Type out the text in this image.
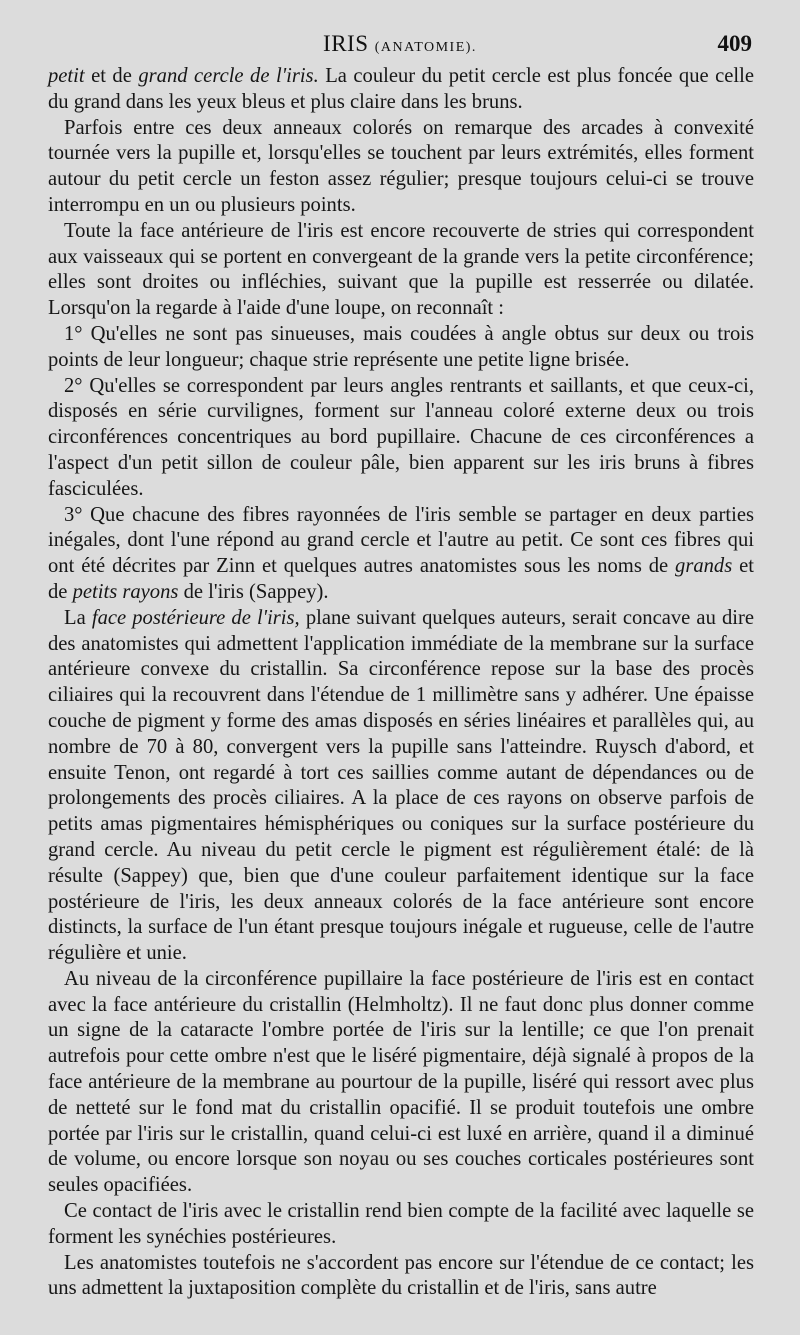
IRIS (ANATOMIE).	409

petit et de grand cercle de l'iris. La couleur du petit cercle est plus foncée que celle du grand dans les yeux bleus et plus claire dans les bruns.

Parfois entre ces deux anneaux colorés on remarque des arcades à convexité tournée vers la pupille et, lorsqu'elles se touchent par leurs extrémités, elles forment autour du petit cercle un feston assez régulier; presque toujours celui-ci se trouve interrompu en un ou plusieurs points.

Toute la face antérieure de l'iris est encore recouverte de stries qui correspondent aux vaisseaux qui se portent en convergeant de la grande vers la petite circonférence; elles sont droites ou infléchies, suivant que la pupille est resserrée ou dilatée. Lorsqu'on la regarde à l'aide d'une loupe, on reconnaît :

1° Qu'elles ne sont pas sinueuses, mais coudées à angle obtus sur deux ou trois points de leur longueur; chaque strie représente une petite ligne brisée.

2° Qu'elles se correspondent par leurs angles rentrants et saillants, et que ceux-ci, disposés en série curvilignes, forment sur l'anneau coloré externe deux ou trois circonférences concentriques au bord pupillaire. Chacune de ces circonférences a l'aspect d'un petit sillon de couleur pâle, bien apparent sur les iris bruns à fibres fasciculées.

3° Que chacune des fibres rayonnées de l'iris semble se partager en deux parties inégales, dont l'une répond au grand cercle et l'autre au petit. Ce sont ces fibres qui ont été décrites par Zinn et quelques autres anatomistes sous les noms de grands et de petits rayons de l'iris (Sappey).

La face postérieure de l'iris, plane suivant quelques auteurs, serait concave au dire des anatomistes qui admettent l'application immédiate de la membrane sur la surface antérieure convexe du cristallin. Sa circonférence repose sur la base des procès ciliaires qui la recouvrent dans l'étendue de 1 millimètre sans y adhérer. Une épaisse couche de pigment y forme des amas disposés en séries linéaires et parallèles qui, au nombre de 70 à 80, convergent vers la pupille sans l'atteindre. Ruysch d'abord, et ensuite Tenon, ont regardé à tort ces saillies comme autant de dépendances ou de prolongements des procès ciliaires. A la place de ces rayons on observe parfois de petits amas pigmentaires hémisphériques ou coniques sur la surface postérieure du grand cercle. Au niveau du petit cercle le pigment est régulièrement étalé: de là résulte (Sappey) que, bien que d'une couleur parfaitement identique sur la face postérieure de l'iris, les deux anneaux colorés de la face antérieure sont encore distincts, la surface de l'un étant presque toujours inégale et rugueuse, celle de l'autre régulière et unie.

Au niveau de la circonférence pupillaire la face postérieure de l'iris est en contact avec la face antérieure du cristallin (Helmholtz). Il ne faut donc plus donner comme un signe de la cataracte l'ombre portée de l'iris sur la lentille; ce que l'on prenait autrefois pour cette ombre n'est que le liséré pigmentaire, déjà signalé à propos de la face antérieure de la membrane au pourtour de la pupille, liséré qui ressort avec plus de netteté sur le fond mat du cristallin opacifié. Il se produit toutefois une ombre portée par l'iris sur le cristallin, quand celui-ci est luxé en arrière, quand il a diminué de volume, ou encore lorsque son noyau ou ses couches corticales postérieures sont seules opacifiées.

Ce contact de l'iris avec le cristallin rend bien compte de la facilité avec laquelle se forment les synéchies postérieures.

Les anatomistes toutefois ne s'accordent pas encore sur l'étendue de ce contact; les uns admettent la juxtaposition complète du cristallin et de l'iris, sans autre
